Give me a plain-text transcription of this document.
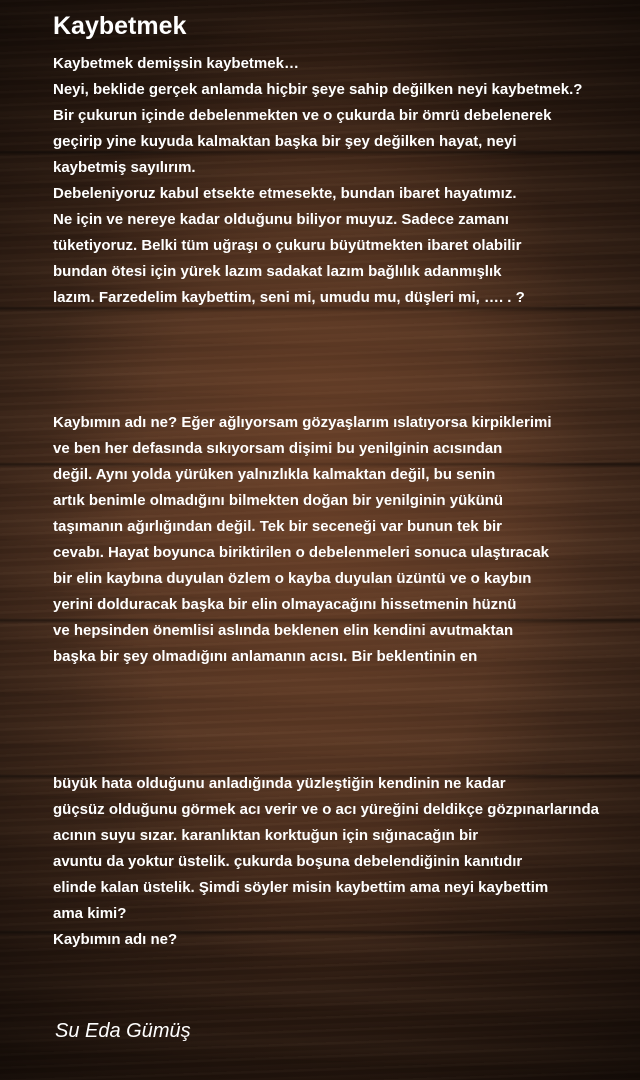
Kaybetmek
Kaybetmek demişsin kaybetmek…
Neyi, beklide gerçek anlamda hiçbir şeye sahip değilken neyi kaybetmek.?
Bir çukurun içinde debelenmekten ve o çukurda bir ömrü debelenerek
geçirip yine kuyuda kalmaktan başka bir şey değilken hayat, neyi
kaybetmiş sayılırım.
Debeleniyoruz kabul etsekte etmesekte, bundan ibaret hayatımız.
Ne için ve nereye kadar olduğunu biliyor muyuz. Sadece zamanı
tüketiyoruz. Belki tüm uğraşı o çukuru büyütmekten ibaret olabilir
bundan ötesi için yürek lazım sadakat lazım bağlılık adanmışlık
lazım. Farzedelim kaybettim, seni mi, umudu mu, düşleri mi, …. . ?
Kaybımın adı ne? Eğer ağlıyorsam gözyaşlarım ıslatıyorsa kirpiklerimi
ve ben her defasında sıkıyorsam dişimi bu yenilginin acısından
değil. Aynı yolda yürüken yalnızlıkla kalmaktan değil, bu senin
artık benimle olmadığını bilmekten doğan bir yenilginin yükünü
taşımanın ağırlığından değil. Tek bir seceneği var bunun tek bir
cevabı. Hayat boyunca biriktirilen o debelenmeleri sonuca ulaştıracak
bir elin kaybına duyulan özlem o kayba duyulan üzüntü ve o kaybın
yerini dolduracak başka bir elin olmayacağını hissetmenin hüznü
ve hepsinden önemlisi aslında beklenen elin kendini avutmaktan
başka bir şey olmadığını anlamanın acısı. Bir beklentinin en
büyük hata olduğunu anladığında yüzleştiğin kendinin ne kadar
güçsüz olduğunu görmek acı verir ve o acı yüreğini deldikçe gözpınarlarında
acının suyu sızar. karanlıktan korktuğun için sığınacağın bir
avuntu da yoktur üstelik. çukurda boşuna debelendiğinin kanıtıdır
elinde kalan üstelik. Şimdi söyler misin kaybettim ama neyi kaybettim
ama kimi?
Kaybımın adı ne?
Su Eda Gümüş
